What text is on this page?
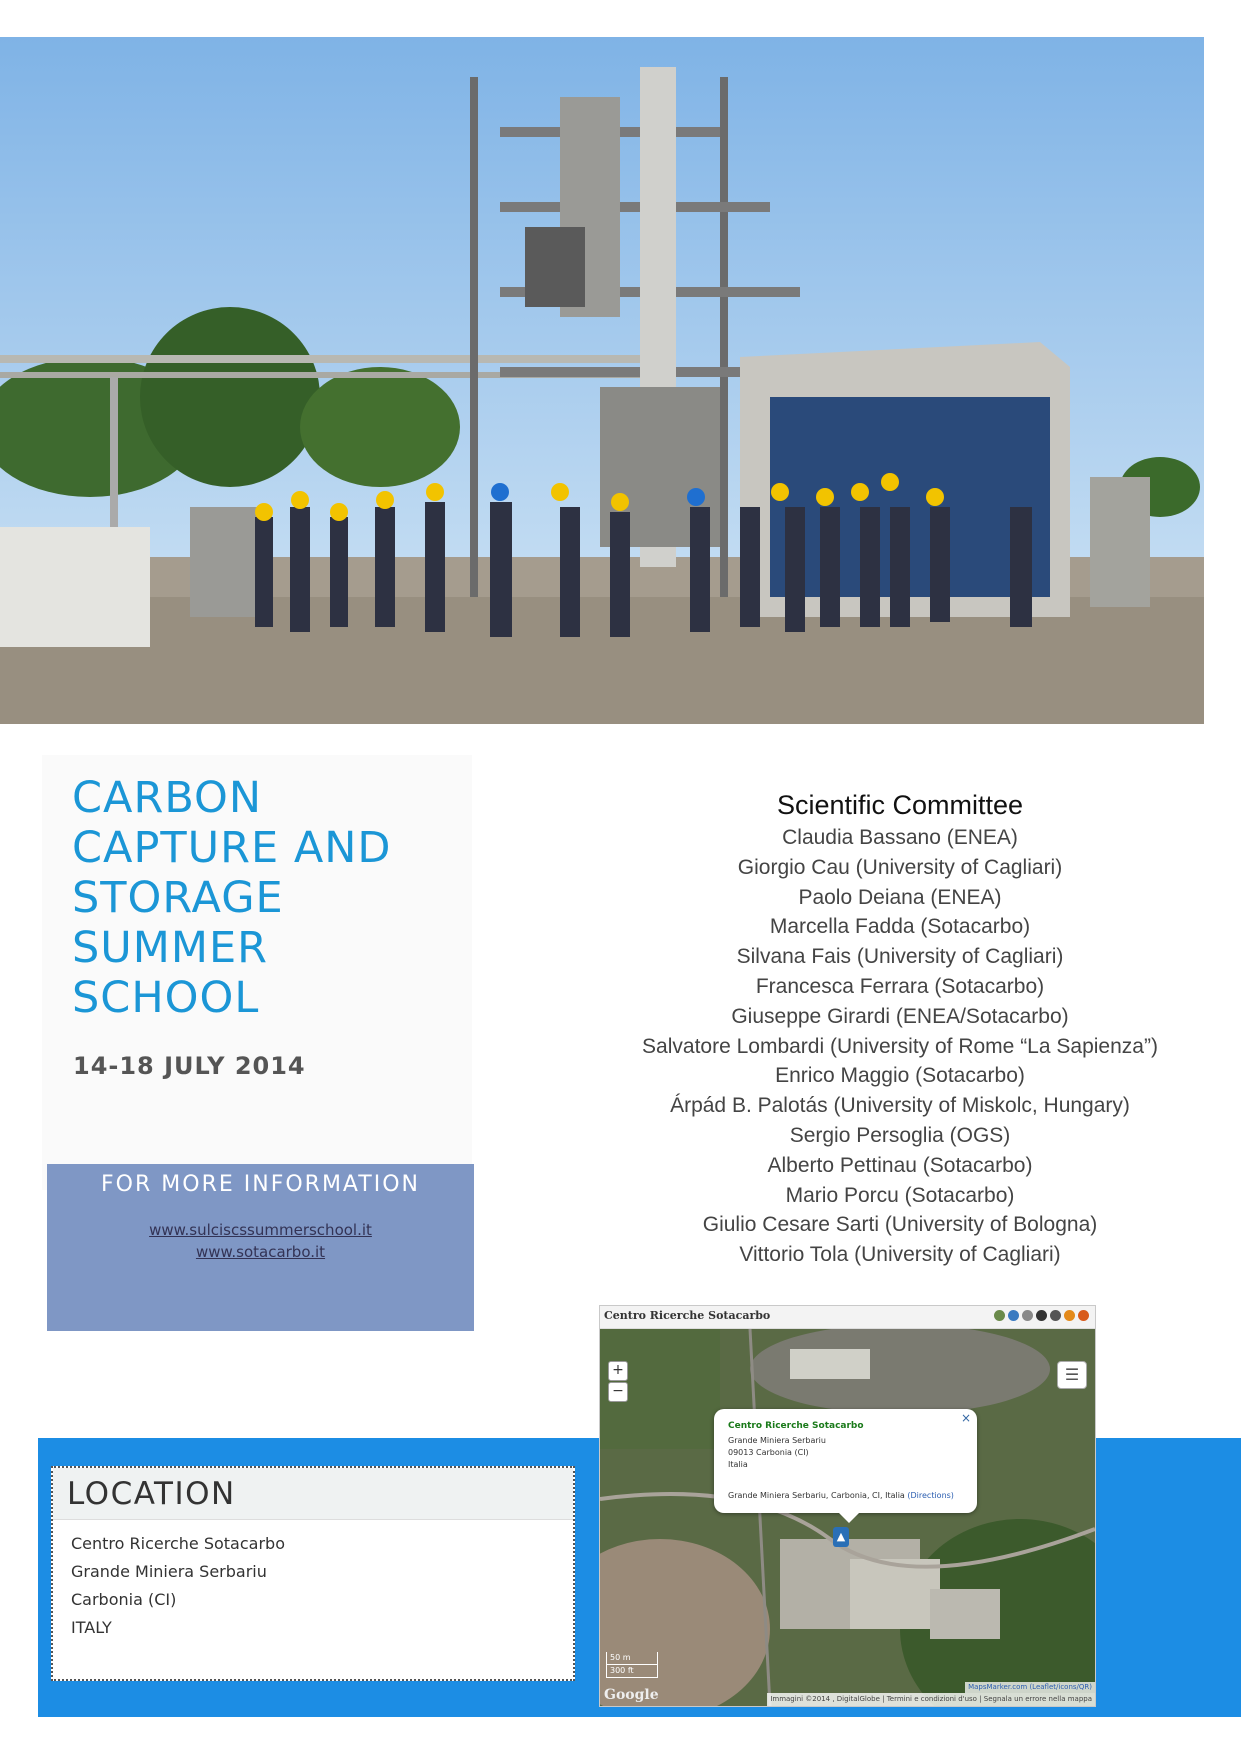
CARBON
CAPTURE AND
STORAGE
SUMMER
SCHOOL
14-18 JULY 2014
FOR MORE INFORMATION
www.sulciscssummerschool.it
www.sotacarbo.it
Scientific Committee
Claudia Bassano (ENEA)
Giorgio Cau (University of Cagliari)
Paolo Deiana (ENEA)
Marcella Fadda (Sotacarbo)
Silvana Fais (University of Cagliari)
Francesca Ferrara (Sotacarbo)
Giuseppe Girardi (ENEA/Sotacarbo)
Salvatore Lombardi (University of Rome “La Sapienza”)
Enrico Maggio (Sotacarbo)
Árpád B. Palotás (University of Miskolc, Hungary)
Sergio Persoglia (OGS)
Alberto Pettinau (Sotacarbo)
Mario Porcu (Sotacarbo)
Giulio Cesare Sarti (University of Bologna)
Vittorio Tola (University of Cagliari)
LOCATION
Centro Ricerche Sotacarbo
Grande Miniera Serbariu
Carbonia (CI)
ITALY
Centro Ricerche Sotacarbo
+
−
☰
×
Centro Ricerche Sotacarbo
Grande Miniera Serbariu
09013 Carbonia (CI)
Italia
Grande Miniera Serbariu, Carbonia, CI, Italia (Directions)
▲
50 m
300 ft
Google	MapsMarker.com (Leaflet/icons/QR)
Immagini ©2014 , DigitalGlobe | Termini e condizioni d'uso | Segnala un errore nella mappa
